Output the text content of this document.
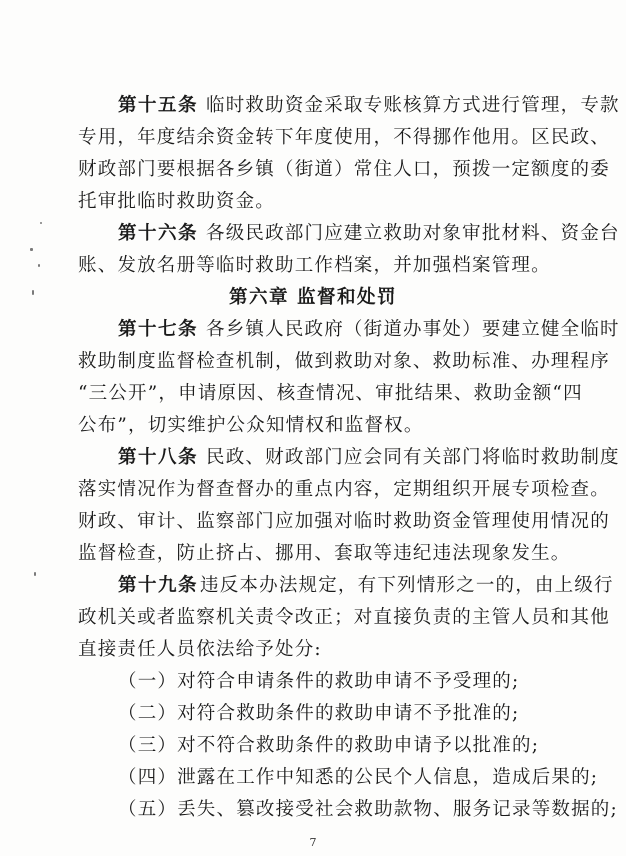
第十五条 临时救助资金采取专账核算方式进行管理，专款
专用，年度结余资金转下年度使用，不得挪作他用。区民政、
财政部门要根据各乡镇（街道）常住人口，预拨一定额度的委
托审批临时救助资金。
第十六条 各级民政部门应建立救助对象审批材料、资金台
账、发放名册等临时救助工作档案，并加强档案管理。
第六章 监督和处罚
第十七条 各乡镇人民政府（街道办事处）要建立健全临时
救助制度监督检查机制，做到救助对象、救助标准、办理程序
“三公开”，申请原因、核查情况、审批结果、救助金额“四
公布”，切实维护公众知情权和监督权。
第十八条 民政、财政部门应会同有关部门将临时救助制度
落实情况作为督查督办的重点内容，定期组织开展专项检查。
财政、审计、监察部门应加强对临时救助资金管理使用情况的
监督检查，防止挤占、挪用、套取等违纪违法现象发生。
第十九条 违反本办法规定，有下列情形之一的，由上级行
政机关或者监察机关责令改正；对直接负责的主管人员和其他
直接责任人员依法给予处分:
（一）对符合申请条件的救助申请不予受理的;
（二）对符合救助条件的救助申请不予批准的;
（三）对不符合救助条件的救助申请予以批准的;
（四）泄露在工作中知悉的公民个人信息，造成后果的;
（五）丢失、篡改接受社会救助款物、服务记录等数据的;
7
